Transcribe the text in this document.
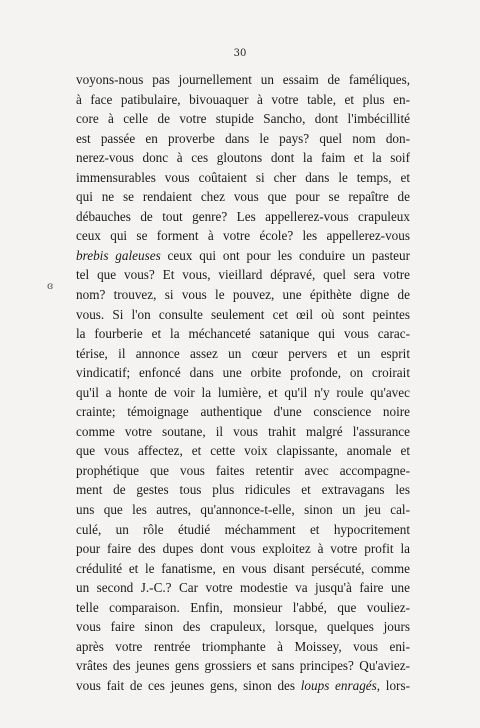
30
ɞ
voyons-nous pas journellement un essaim de faméliques,
à face patibulaire, bivouaquer à votre table, et plus en-
core à celle de votre stupide Sancho, dont l'imbécillité
est passée en proverbe dans le pays? quel nom don-
nerez-vous donc à ces gloutons dont la faim et la soif
immensurables vous coûtaient si cher dans le temps, et
qui ne se rendaient chez vous que pour se repaître de
débauches de tout genre? Les appellerez-vous crapuleux
ceux qui se forment à votre école? les appellerez-vous
brebis galeuses ceux qui ont pour les conduire un pasteur
tel que vous? Et vous, vieillard dépravé, quel sera votre
nom? trouvez, si vous le pouvez, une épithète digne de
vous. Si l'on consulte seulement cet œil où sont peintes
la fourberie et la méchanceté satanique qui vous carac-
térise, il annonce assez un cœur pervers et un esprit
vindicatif; enfoncé dans une orbite profonde, on croirait
qu'il a honte de voir la lumière, et qu'il n'y roule qu'avec
crainte; témoignage authentique d'une conscience noire
comme votre soutane, il vous trahit malgré l'assurance
que vous affectez, et cette voix clapissante, anomale et
prophétique que vous faites retentir avec accompagne-
ment de gestes tous plus ridicules et extravagans les
uns que les autres, qu'annonce-t-elle, sinon un jeu cal-
culé, un rôle étudié méchamment et hypocritement
pour faire des dupes dont vous exploitez à votre profit la
crédulité et le fanatisme, en vous disant persécuté, comme
un second J.-C.? Car votre modestie va jusqu'à faire une
telle comparaison. Enfin, monsieur l'abbé, que vouliez-
vous faire sinon des crapuleux, lorsque, quelques jours
après votre rentrée triomphante à Moissey, vous eni-
vrâtes des jeunes gens grossiers et sans principes? Qu'aviez-
vous fait de ces jeunes gens, sinon des loups enragés, lors-
